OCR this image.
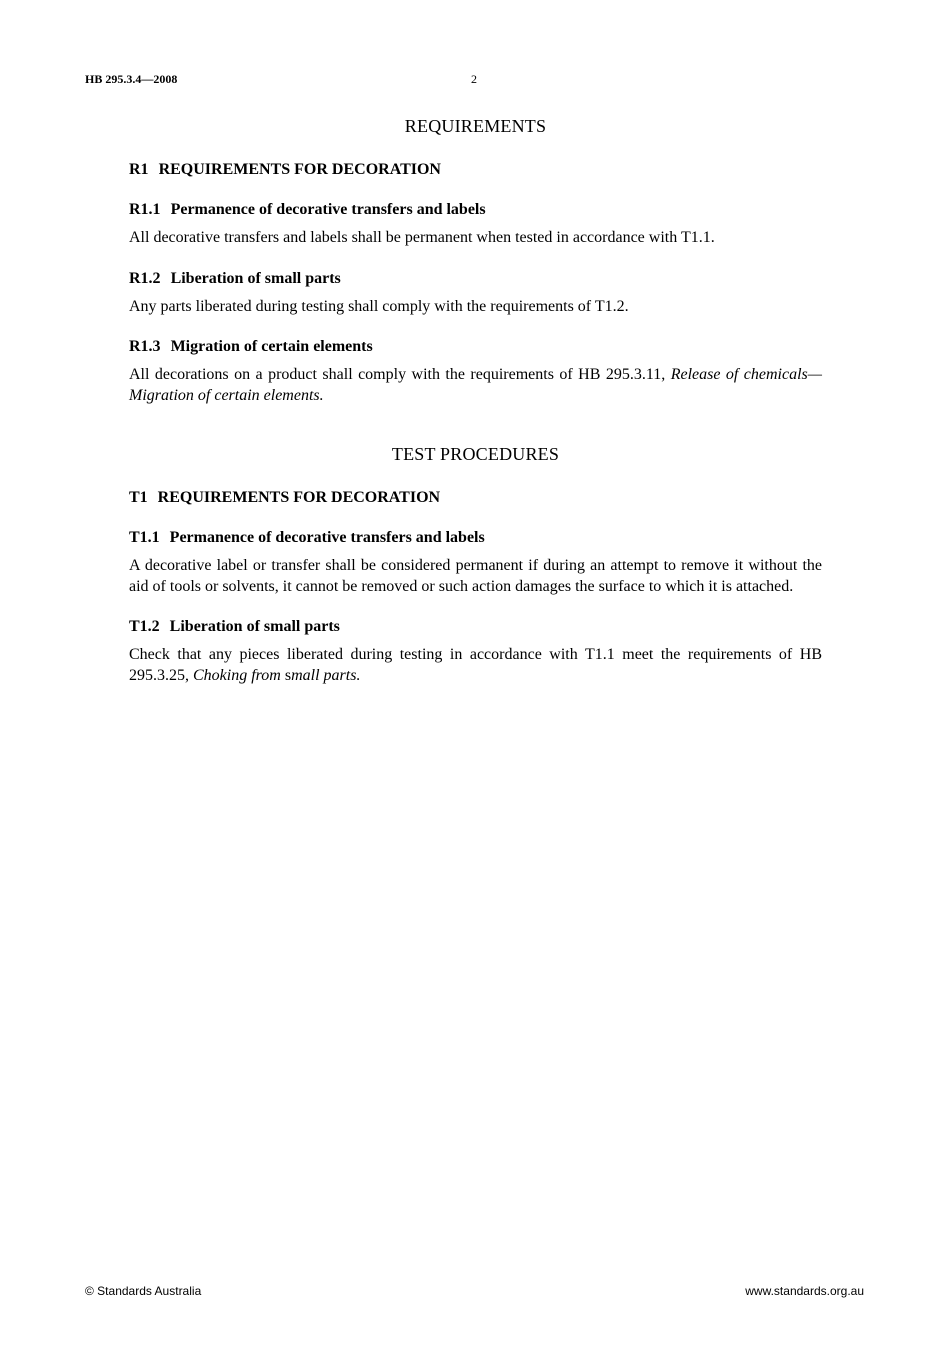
HB 295.3.4—2008	2
REQUIREMENTS
R1 REQUIREMENTS FOR DECORATION
R1.1 Permanence of decorative transfers and labels

All decorative transfers and labels shall be permanent when tested in accordance with T1.1.

R1.2 Liberation of small parts

Any parts liberated during testing shall comply with the requirements of T1.2.

R1.3 Migration of certain elements

All decorations on a product shall comply with the requirements of HB 295.3.11, Release of chemicals—Migration of certain elements.

TEST PROCEDURES
T1 REQUIREMENTS FOR DECORATION
T1.1 Permanence of decorative transfers and labels

A decorative label or transfer shall be considered permanent if during an attempt to remove it without the aid of tools or solvents, it cannot be removed or such action damages the surface to which it is attached.

T1.2 Liberation of small parts

Check that any pieces liberated during testing in accordance with T1.1 meet the requirements of HB 295.3.25, Choking from small parts.

© Standards Australia	www.standards.org.au
